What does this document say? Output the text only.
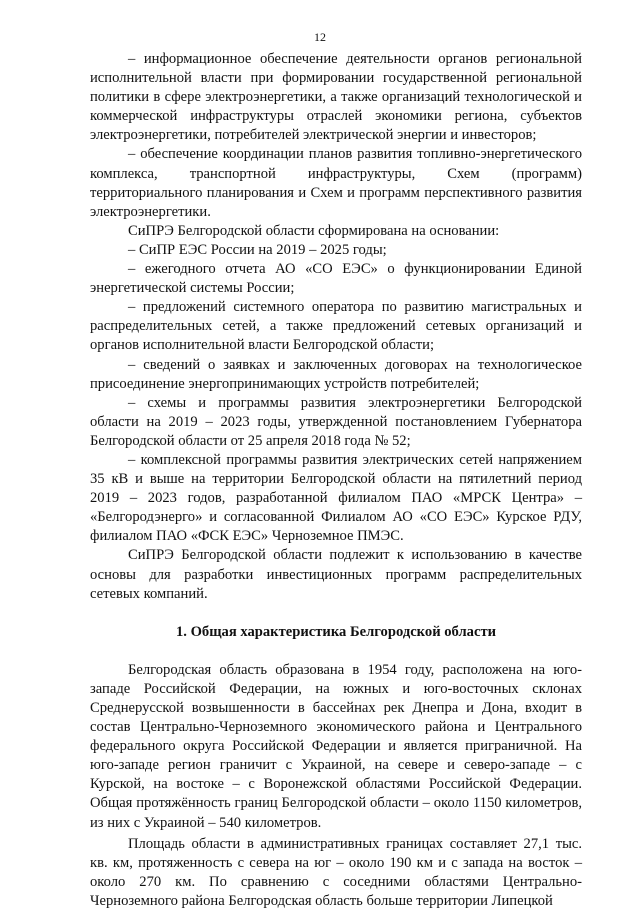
12

– информационное обеспечение деятельности органов региональной исполнительной власти при формировании государственной региональной политики в сфере электроэнергетики, а также организаций технологической и коммерческой инфраструктуры отраслей экономики региона, субъектов электроэнергетики, потребителей электрической энергии и инвесторов;

– обеспечение координации планов развития топливно-энергетического комплекса, транспортной инфраструктуры, Схем (программ) территориального планирования и Схем и программ перспективного развития электроэнергетики.

СиПРЭ Белгородской области сформирована на основании:

– СиПР ЕЭС России на 2019 – 2025 годы;

– ежегодного отчета АО «СО ЕЭС» о функционировании Единой энергетической системы России;

– предложений системного оператора по развитию магистральных и распределительных сетей, а также предложений сетевых организаций и органов исполнительной власти Белгородской области;

– сведений о заявках и заключенных договорах на технологическое присоединение энергопринимающих устройств потребителей;

– схемы и программы развития электроэнергетики Белгородской области на 2019 – 2023 годы, утвержденной постановлением Губернатора Белгородской области от 25 апреля 2018 года № 52;

– комплексной программы развития электрических сетей напряжением 35 кВ и выше на территории Белгородской области на пятилетний период 2019 – 2023 годов, разработанной филиалом ПАО «МРСК Центра» – «Белгородэнерго» и согласованной Филиалом АО «СО ЕЭС» Курское РДУ, филиалом ПАО «ФСК ЕЭС» Черноземное ПМЭС.

СиПРЭ Белгородской области подлежит к использованию в качестве основы для разработки инвестиционных программ распределительных сетевых компаний.

1. Общая характеристика Белгородской области

Белгородская область образована в 1954 году, расположена на юго-западе Российской Федерации, на южных и юго-восточных склонах Среднерусской возвышенности в бассейнах рек Днепра и Дона, входит в состав Центрально-Черноземного экономического района и Центрального федерального округа Российской Федерации и является приграничной. На юго-западе регион граничит с Украиной, на севере и северо-западе – с Курской, на востоке – с Воронежской областями Российской Федерации. Общая протяжённость границ Белгородской области – около 1150 километров, из них с Украиной – 540 километров.

Площадь области в административных границах составляет 27,1 тыс. кв. км, протяженность с севера на юг – около 190 км и с запада на восток – около 270 км. По сравнению с соседними областями Центрально-Черноземного района Белгородская область больше территории Липецкой
